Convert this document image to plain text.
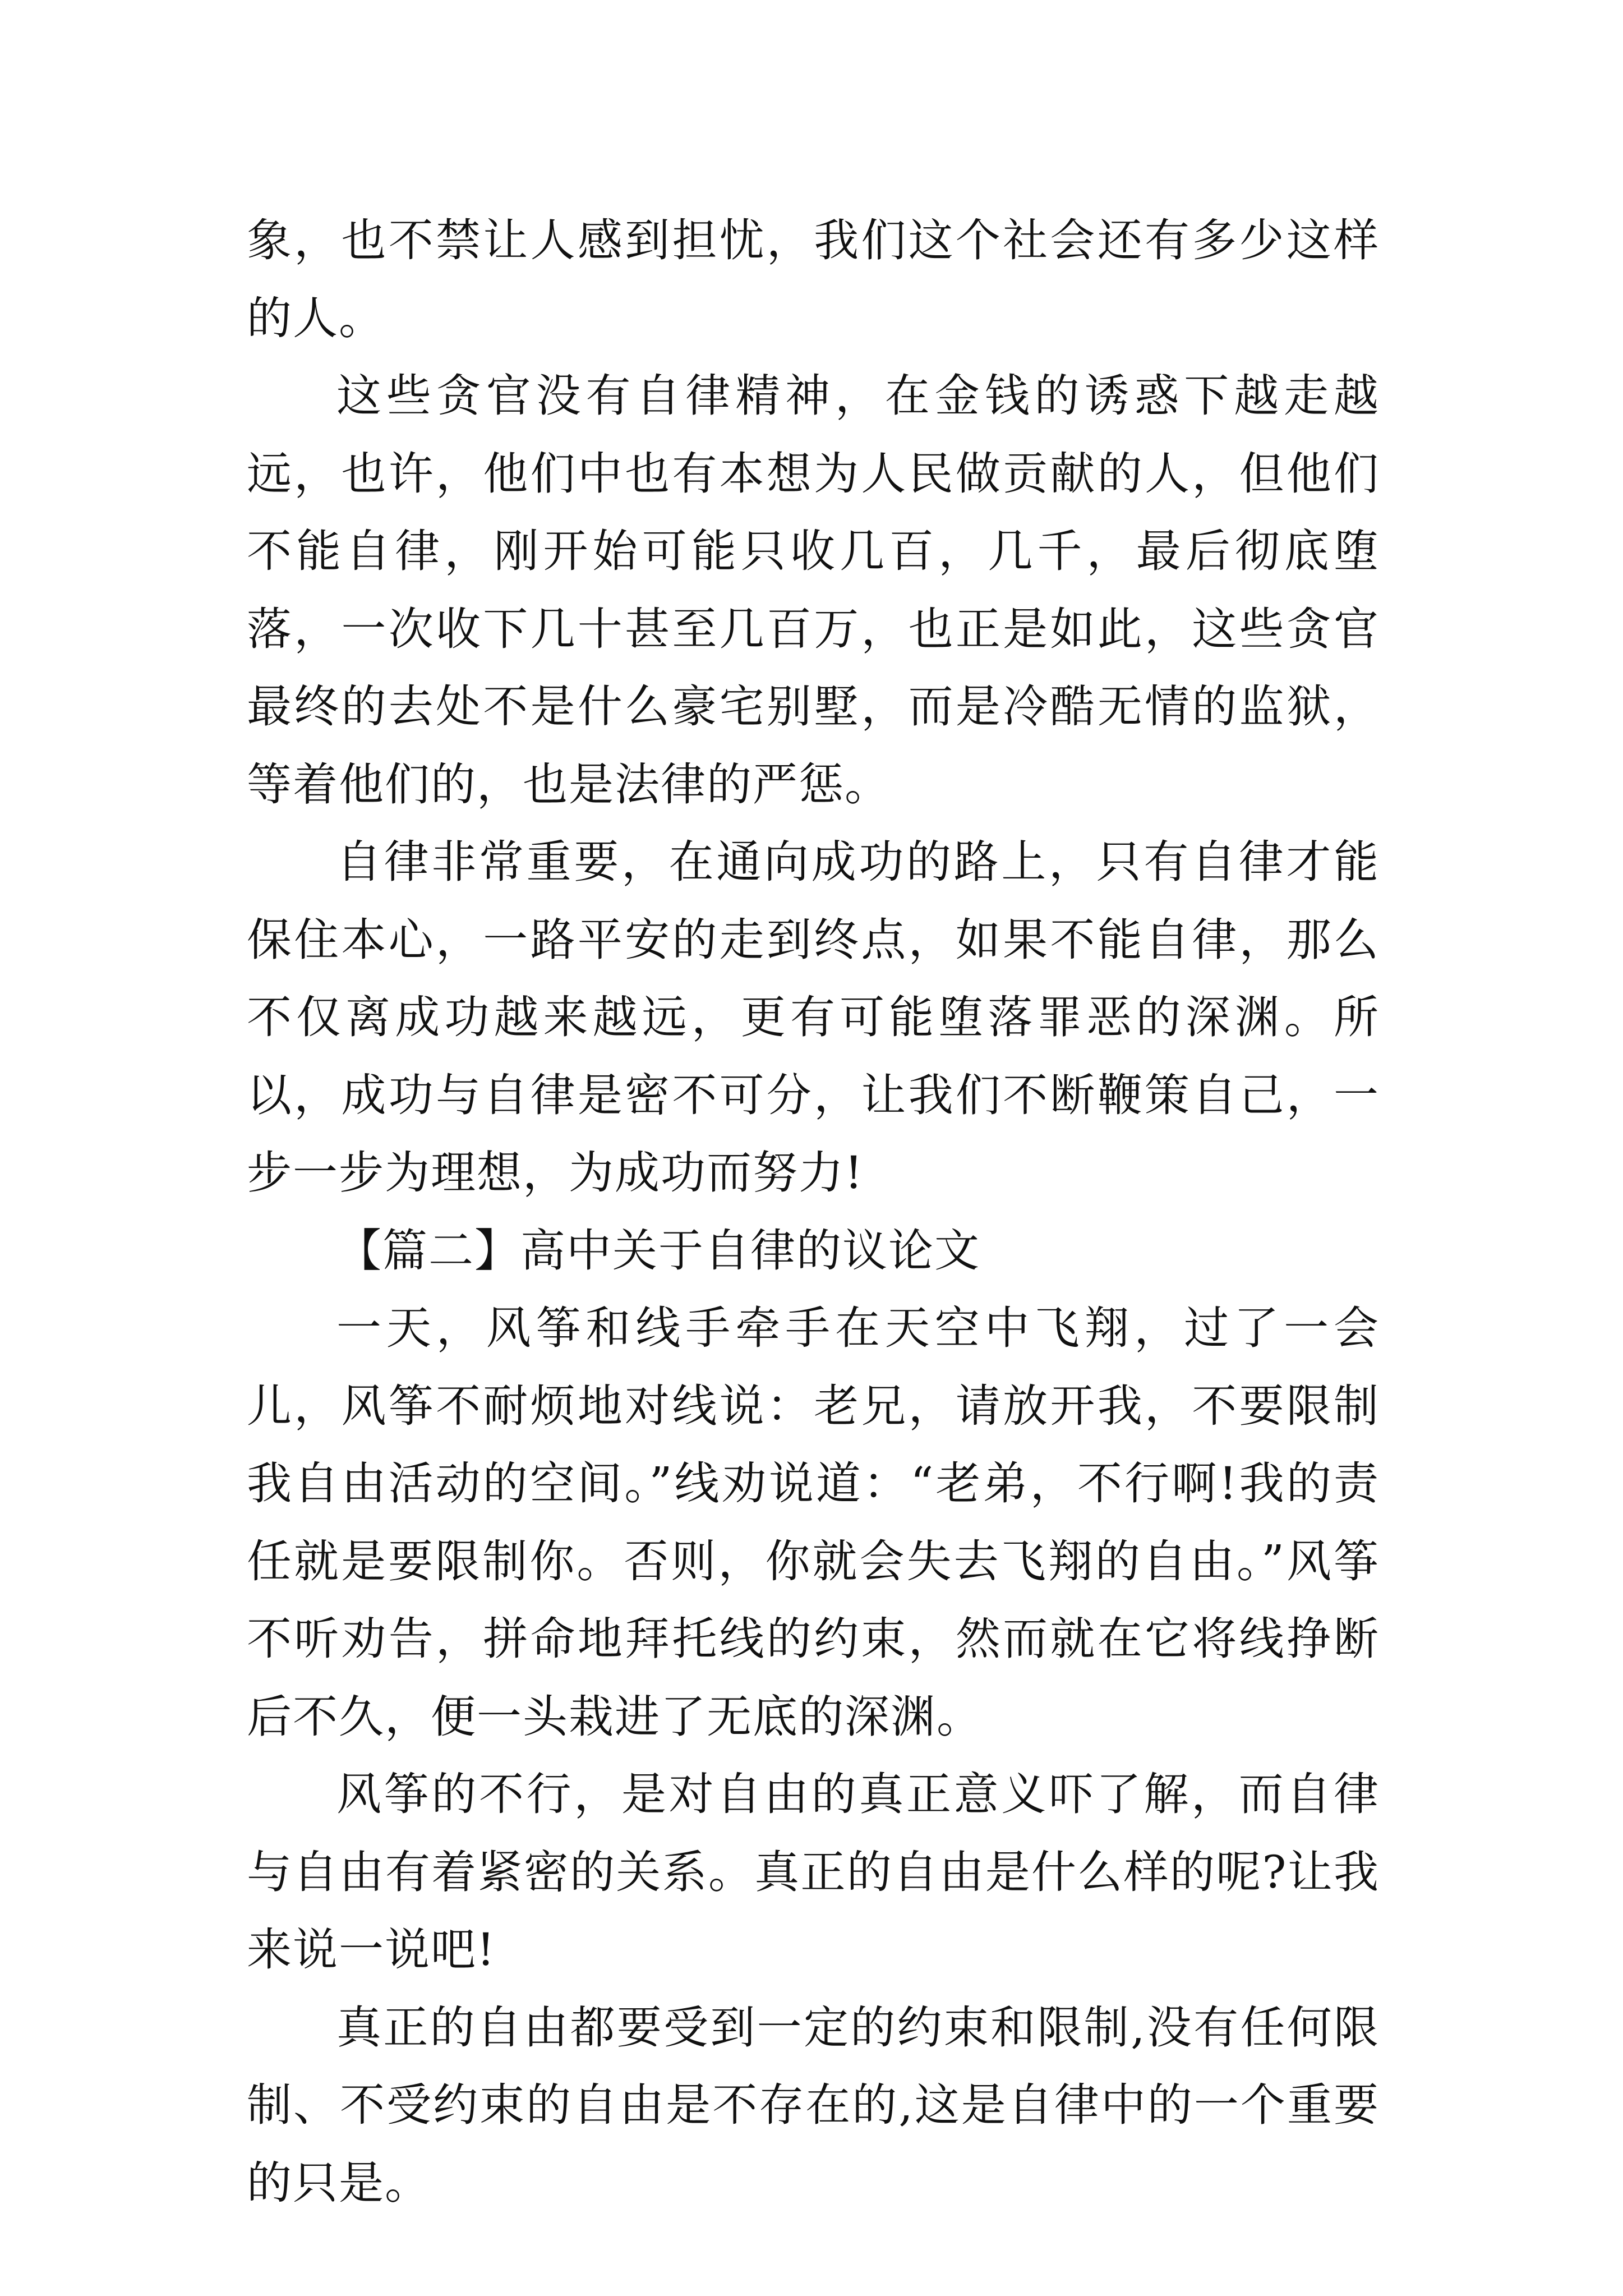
象，也不禁让人感到担忧，我们这个社会还有多少这样的人。

这些贪官没有自律精神，在金钱的诱惑下越走越远，也许，他们中也有本想为人民做贡献的人，但他们不能自律，刚开始可能只收几百，几千，最后彻底堕落，一次收下几十甚至几百万，也正是如此，这些贪官最终的去处不是什么豪宅别墅，而是冷酷无情的监狱，等着他们的，也是法律的严惩。

自律非常重要，在通向成功的路上，只有自律才能保住本心，一路平安的走到终点，如果不能自律，那么不仅离成功越来越远，更有可能堕落罪恶的深渊。所以，成功与自律是密不可分，让我们不断鞭策自己，一步一步为理想，为成功而努力!

【篇二】高中关于自律的议论文

一天，风筝和线手牵手在天空中飞翔，过了一会儿，风筝不耐烦地对线说：老兄，请放开我，不要限制我自由活动的空间。”线劝说道：“老弟，不行啊!我的责任就是要限制你。否则，你就会失去飞翔的自由。”风筝不听劝告，拼命地拜托线的约束，然而就在它将线挣断后不久，便一头栽进了无底的深渊。

风筝的不行，是对自由的真正意义吓了解，而自律与自由有着紧密的关系。真正的自由是什么样的呢?让我来说一说吧!

真正的自由都要受到一定的约束和限制,没有任何限制、不受约束的自由是不存在的,这是自律中的一个重要的只是。
